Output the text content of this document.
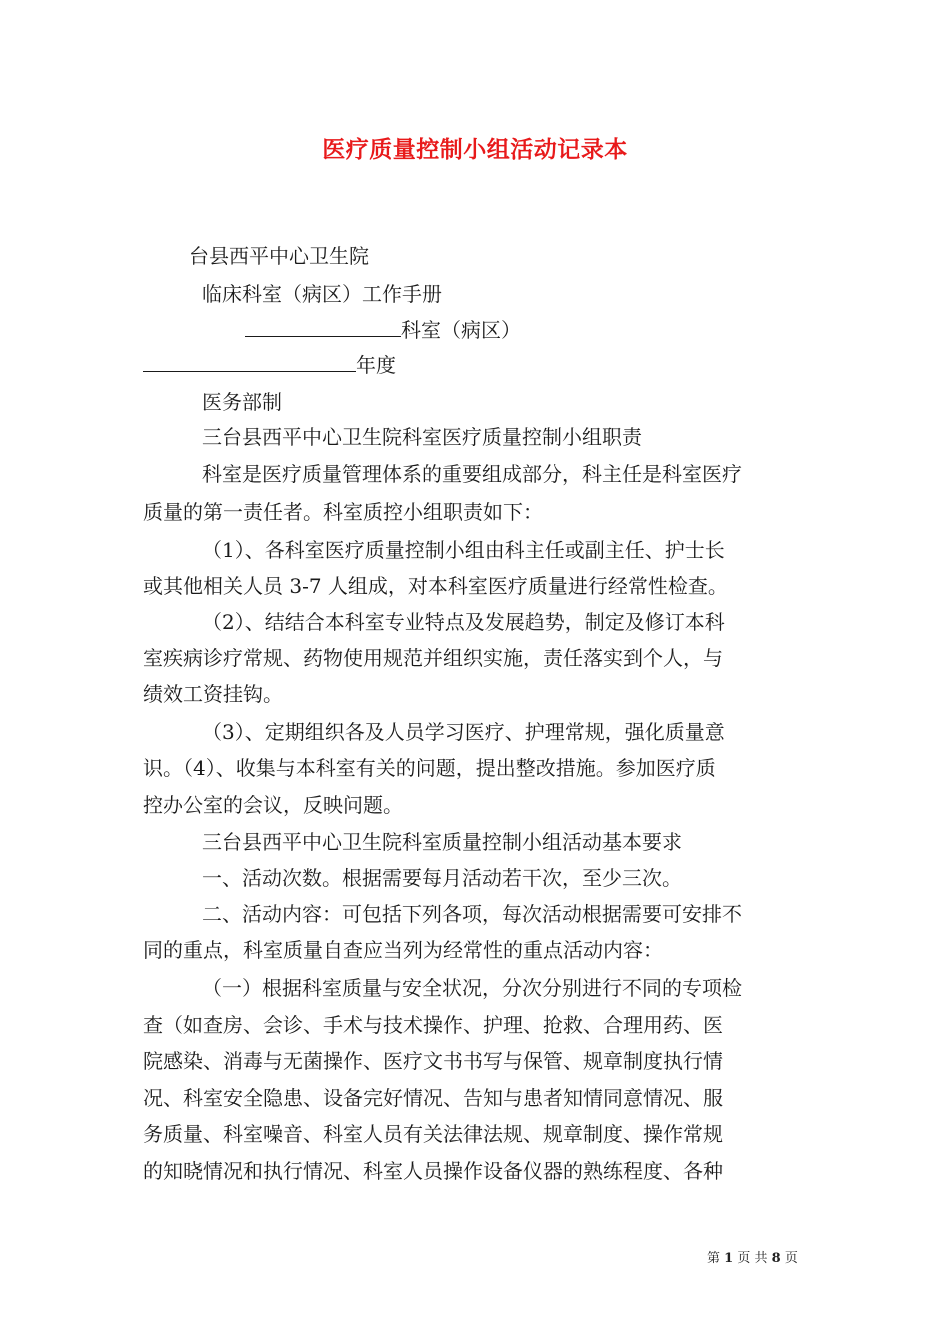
医疗质量控制小组活动记录本
台县西平中心卫生院
临床科室（病区）工作手册
科室（病区）
年度
医务部制
三台县西平中心卫生院科室医疗质量控制小组职责
科室是医疗质量管理体系的重要组成部分，科主任是科室医疗
质量的第一责任者。科室质控小组职责如下：
（1）、各科室医疗质量控制小组由科主任或副主任、护士长
或其他相关人员 3-7 人组成，对本科室医疗质量进行经常性检查。
（2）、结结合本科室专业特点及发展趋势，制定及修订本科
室疾病诊疗常规、药物使用规范并组织实施，责任落实到个人，与
绩效工资挂钩。
（3）、定期组织各及人员学习医疗、护理常规，强化质量意
识。（4）、收集与本科室有关的问题，提出整改措施。参加医疗质
控办公室的会议，反映问题。
三台县西平中心卫生院科室质量控制小组活动基本要求
一、活动次数。根据需要每月活动若干次，至少三次。
二、活动内容：可包括下列各项，每次活动根据需要可安排不
同的重点，科室质量自查应当列为经常性的重点活动内容：
（一）根据科室质量与安全状况，分次分别进行不同的专项检
查（如查房、会诊、手术与技术操作、护理、抢救、合理用药、医
院感染、消毒与无菌操作、医疗文书书写与保管、规章制度执行情
况、科室安全隐患、设备完好情况、告知与患者知情同意情况、服
务质量、科室噪音、科室人员有关法律法规、规章制度、操作常规
的知晓情况和执行情况、科室人员操作设备仪器的熟练程度、各种
第 1 页 共 8 页
